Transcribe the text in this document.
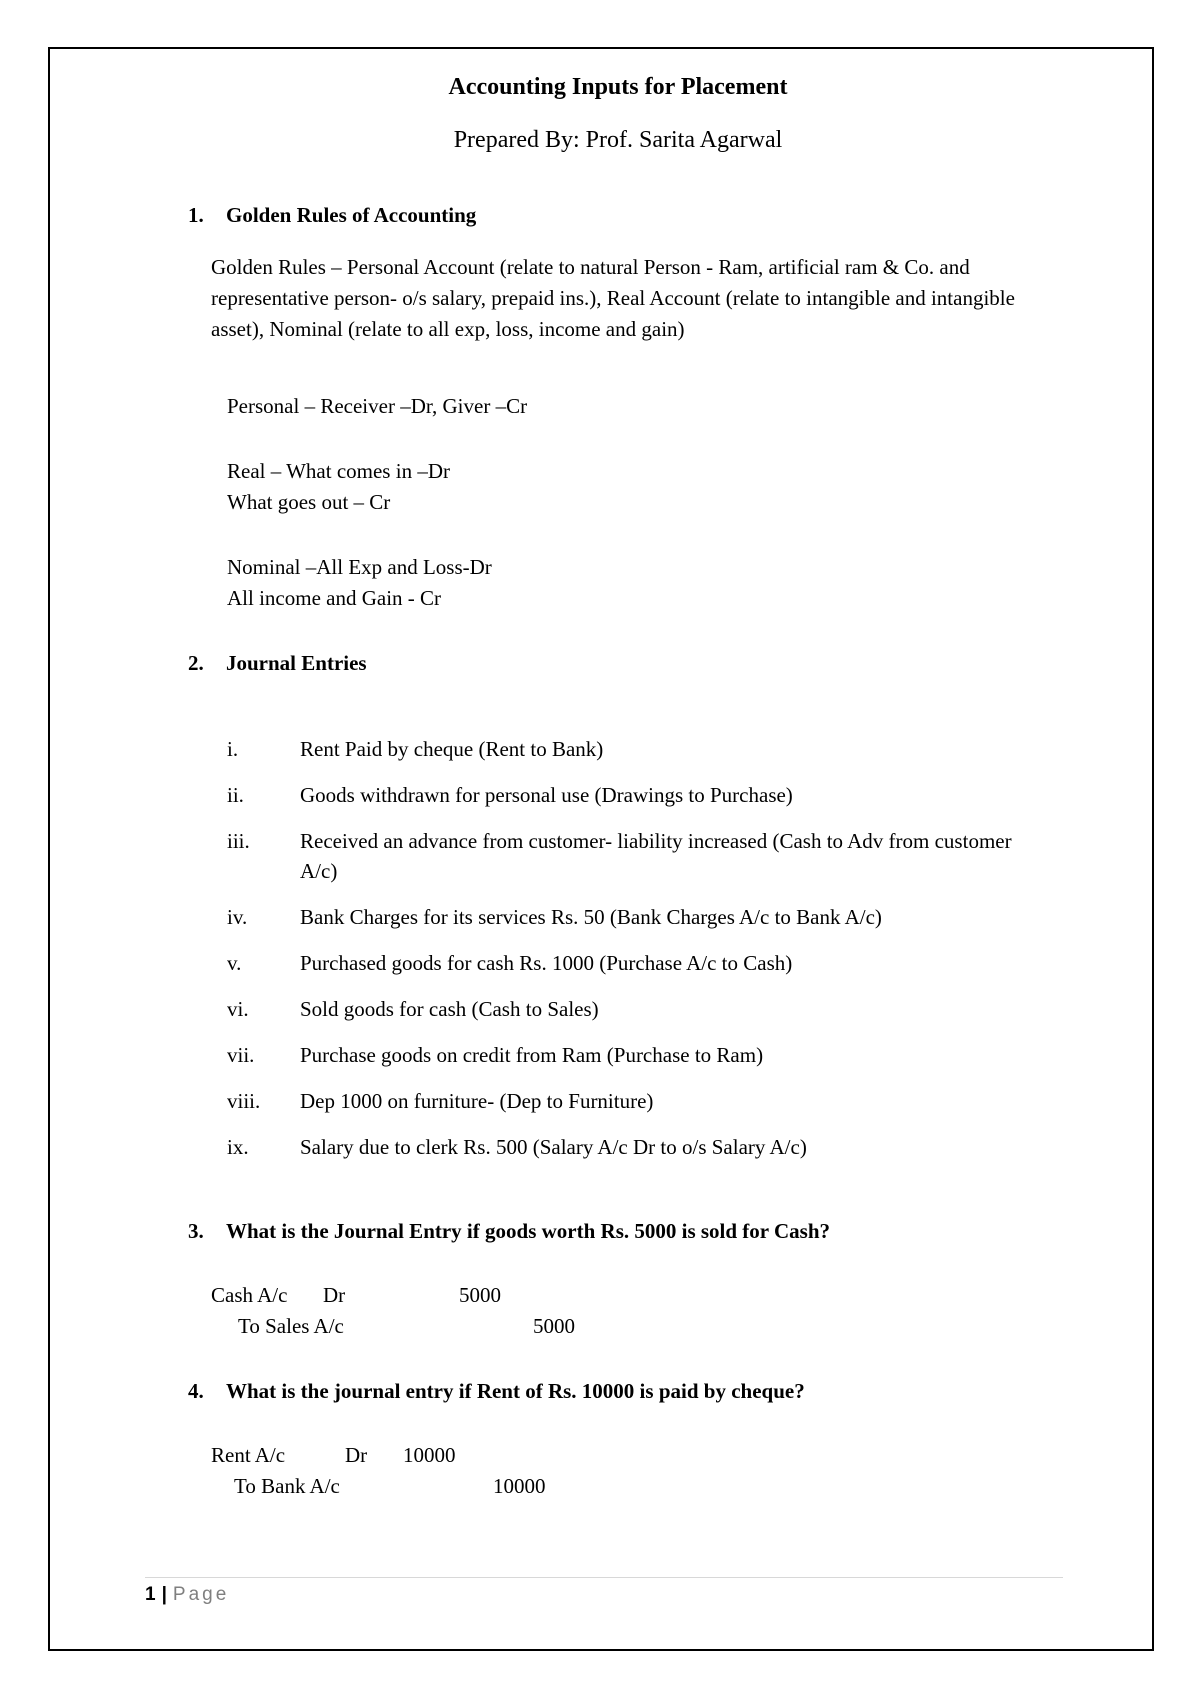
Accounting Inputs for Placement
Prepared By: Prof. Sarita Agarwal
1. Golden Rules of Accounting
Golden Rules – Personal Account (relate to natural Person - Ram, artificial ram & Co. and representative person- o/s salary, prepaid ins.), Real Account (relate to intangible and intangible asset), Nominal (relate to all exp, loss, income and gain)
Personal – Receiver –Dr, Giver –Cr
Real – What comes in –Dr
What goes out – Cr
Nominal –All Exp and Loss-Dr
All income and Gain - Cr
2. Journal Entries
i.	Rent Paid by cheque (Rent to Bank)
ii.	Goods withdrawn for personal use (Drawings to Purchase)
iii. Received an advance from customer- liability increased (Cash to Adv from customer A/c)
iv.	Bank Charges for its services Rs. 50 (Bank Charges A/c to Bank A/c)
v.	Purchased goods for cash Rs. 1000 (Purchase A/c to Cash)
vi. Sold goods for cash (Cash to Sales)
vii. Purchase goods on credit from Ram (Purchase to Ram)
viii. Dep 1000 on furniture- (Dep to Furniture)
ix. Salary due to clerk Rs. 500 (Salary A/c Dr to o/s Salary A/c)
3. What is the Journal Entry if goods worth Rs. 5000 is sold for Cash?
Cash A/c Dr	5000
To Sales A/c	5000
4. What is the journal entry if Rent of Rs. 10000 is paid by cheque?
Rent A/c	Dr 10000
To Bank A/c	10000
1 | Page
